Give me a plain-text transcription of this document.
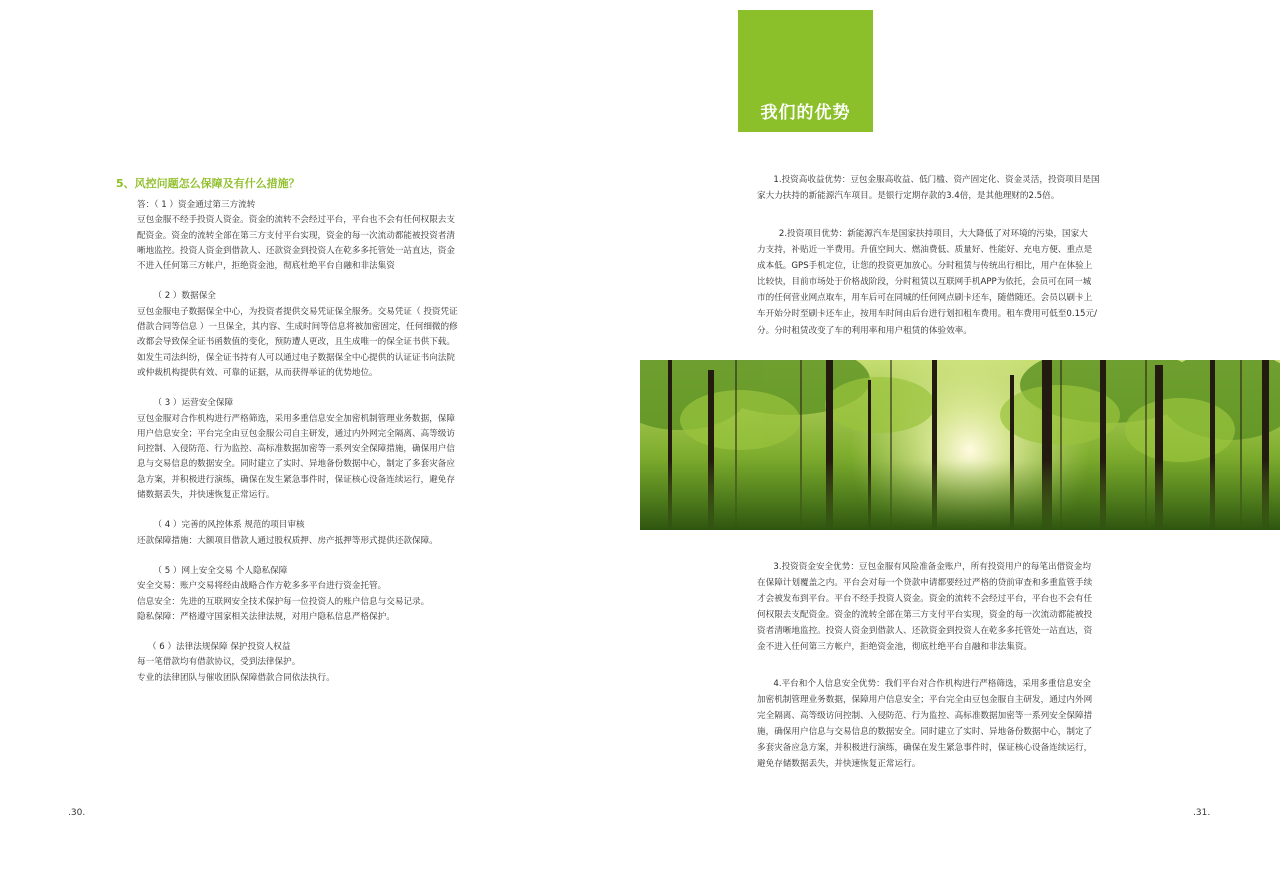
5、风控问题怎么保障及有什么措施？

答：（ 1 ）资金通过第三方流转

豆包金服不经手投资人资金。资金的流转不会经过平台，平台也不会有任何权限去支

配资金。资金的流转全部在第三方支付平台实现，资金的每一次流动都能被投资者清

晰地监控。投资人资金到借款人、还款资金到投资人在乾多多托管处一站直达，资金

不进入任何第三方帐户，拒绝资金池，彻底杜绝平台自融和非法集资

（ 2 ）数据保全

豆包金服电子数据保全中心，为投资者提供交易凭证保全服务。交易凭证（ 投资凭证

借款合同等信息 ）一旦保全，其内容、生成时间等信息将被加密固定，任何细微的修

改都会导致保全证书函数值的变化，预防遭人更改，且生成唯一的保全证书供下载。

如发生司法纠纷，保全证书持有人可以通过电子数据保全中心提供的认证证书向法院

或仲裁机构提供有效、可靠的证据，从而获得举证的优势地位。

（ 3 ）运营安全保障

豆包金服对合作机构进行严格筛选，采用多重信息安全加密机制管理业务数据，保障

用户信息安全；平台完全由豆包金服公司自主研发，通过内外网完全隔离、高等级访

问控制、入侵防范、行为监控、高标准数据加密等一系列安全保障措施，确保用户信

息与交易信息的数据安全。同时建立了实时、异地备份数据中心，制定了多套灾备应

急方案，并积极进行演练，确保在发生紧急事件时，保证核心设备连续运行，避免存

储数据丢失，并快速恢复正常运行。

（ 4 ）完善的风控体系 规范的项目审核

还款保障措施：大额项目借款人通过股权质押、房产抵押等形式提供还款保障。

（ 5 ）网上安全交易 个人隐私保障

安全交易：账户交易将经由战略合作方乾多多平台进行资金托管。

信息安全：先进的互联网安全技术保护每一位投资人的账户信息与交易记录。

隐私保障：严格遵守国家相关法律法规，对用户隐私信息严格保护。

（ 6 ）法律法规保障 保护投资人权益

每一笔借款均有借款协议，受到法律保护。

专业的法律团队与催收团队保障借款合同依法执行。

.30.

我们的优势

1.投资高收益优势：豆包金服高收益、低门槛、资产固定化、资金灵活，投资项目是国

家大力扶持的新能源汽车项目。是银行定期存款的3.4倍，是其他理财的2.5倍。

2.投资项目优势：新能源汽车是国家扶持项目，大大降低了对环境的污染，国家大

力支持，补贴近一半费用。升值空间大、燃油费低、质量好、性能好、充电方便、重点是

成本低。GPS手机定位，让您的投资更加放心。分时租赁与传统出行相比，用户在体验上

比较快，目前市场处于价格战阶段，分时租赁以互联网手机APP为依托，会员可在同一城

市的任何营业网点取车，用车后可在同城的任何网点刷卡还车，随借随还。会员以刷卡上

车开始分时至刷卡还车止，按用车时间由后台进行划扣租车费用。租车费用可低至0.15元/

分。分时租赁改变了车的利用率和用户租赁的体验效率。

3.投资资金安全优势：豆包金服有风险准备金账户，所有投资用户的每笔出借资金均

在保障计划覆盖之内。平台会对每一个贷款申请都要经过严格的贷前审查和多重监管手续

才会被发布到平台。平台不经手投资人资金。资金的流转不会经过平台，平台也不会有任

何权限去支配资金。资金的流转全部在第三方支付平台实现，资金的每一次流动都能被投

资者清晰地监控。投资人资金到借款人、还款资金到投资人在乾多多托管处一站直达，资

金不进入任何第三方帐户，拒绝资金池，彻底杜绝平台自融和非法集资。

4.平台和个人信息安全优势：我们平台对合作机构进行严格筛选，采用多重信息安全

加密机制管理业务数据，保障用户信息安全；平台完全由豆包金服自主研发，通过内外网

完全隔离、高等级访问控制、入侵防范、行为监控、高标准数据加密等一系列安全保障措

施，确保用户信息与交易信息的数据安全。同时建立了实时、异地备份数据中心，制定了

多套灾备应急方案，并积极进行演练，确保在发生紧急事件时，保证核心设备连续运行，

避免存储数据丢失，并快速恢复正常运行。

.31.
